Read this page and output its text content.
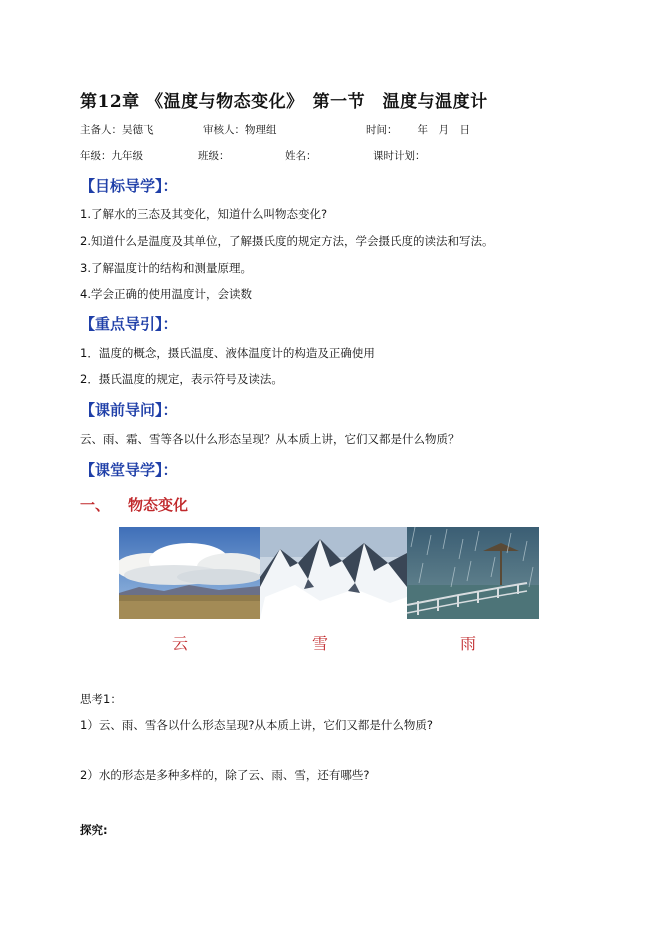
第12章 《温度与物态变化》　第一节　温度与温度计
主备人：吴德飞	审核人：物理组	时间： 年　月　日
年级：九年级	班级：	姓名：	课时计划：
【目标导学】：
1.了解水的三态及其变化，知道什么叫物态变化?
2.知道什么是温度及其单位，了解摄氏度的规定方法，学会摄氏度的读法和写法。
3.了解温度计的结构和测量原理。
4.学会正确的使用温度计，会读数
【重点导引】：
1．温度的概念，摄氏温度、液体温度计的构造及正确使用
2．摄氏温度的规定，表示符号及读法。
【课前导问】：
云、雨、霜、雪等各以什么形态呈现？从本质上讲，它们又都是什么物质？
【课堂导学】：
一、 物态变化
云	雪	雨
思考1：
1）云、雨、雪各以什么形态呈现?从本质上讲，它们又都是什么物质?
2）水的形态是多种多样的，除了云、雨、雪，还有哪些?
探究:
